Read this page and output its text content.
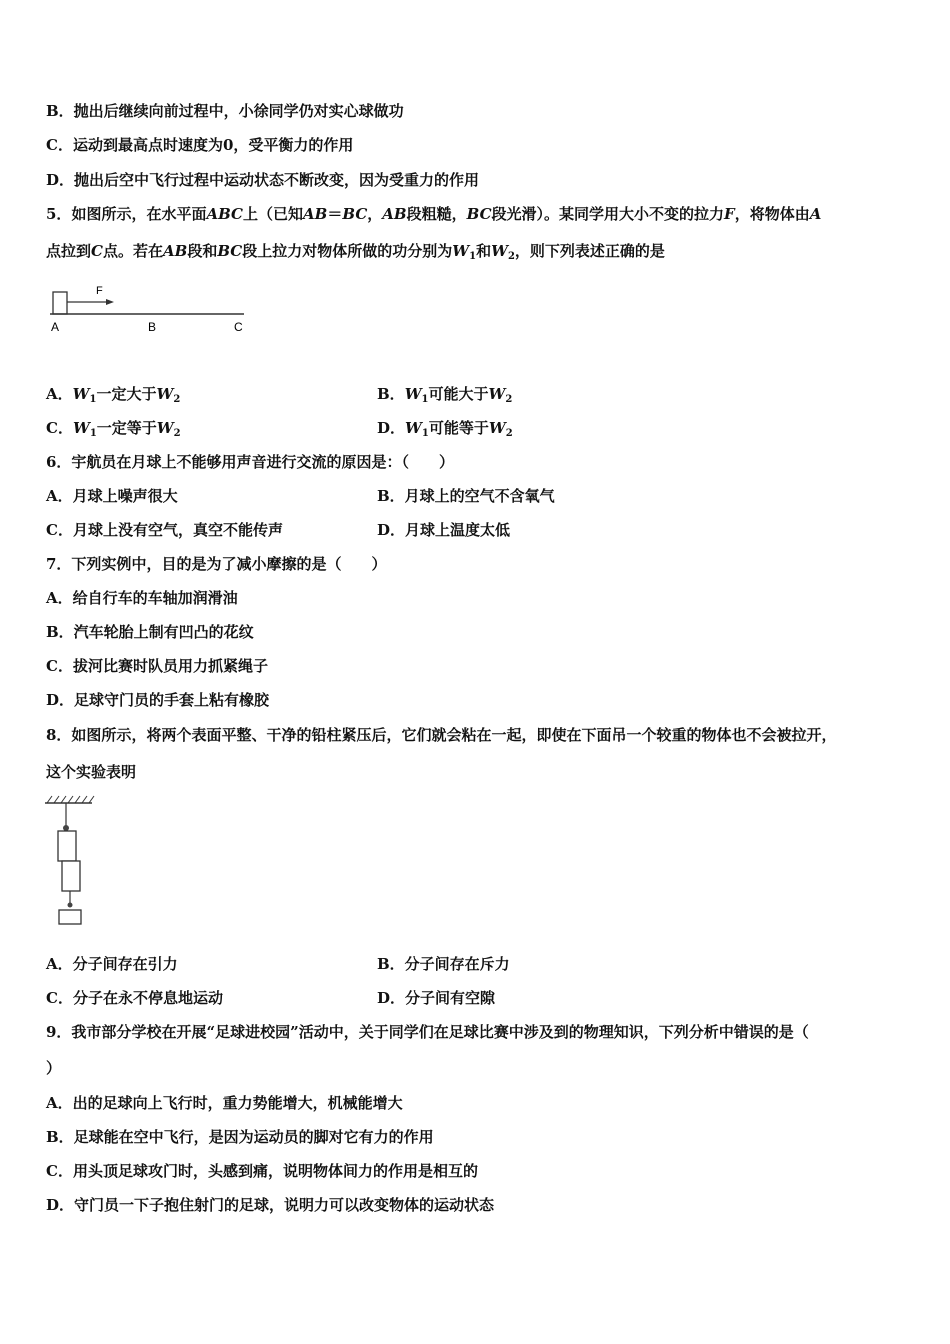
B．抛出后继续向前过程中，小徐同学仍对实心球做功
C．运动到最高点时速度为0，受平衡力的作用
D．抛出后空中飞行过程中运动状态不断改变，因为受重力的作用
5．如图所示，在水平面ABC上（已知AB＝BC，AB段粗糙，BC段光滑）。某同学用大小不变的拉力F，将物体由A
点拉到C点。若在AB段和BC段上拉力对物体所做的功分别为$W_1$和$W_2$，则下列表述正确的是
F
A	B	C
A．$W_1$一定大于$W_2$	B．$W_1$可能大于$W_2$
C．$W_1$一定等于$W_2$	D．$W_1$可能等于$W_2$
6．宇航员在月球上不能够用声音进行交流的原因是：（　　）
A．月球上噪声很大	B．月球上的空气不含氧气
C．月球上没有空气，真空不能传声	D．月球上温度太低
7．下列实例中，目的是为了减小摩擦的是（　　）
A．给自行车的车轴加润滑油
B．汽车轮胎上制有凹凸的花纹
C．拔河比赛时队员用力抓紧绳子
D．足球守门员的手套上粘有橡胶
8．如图所示，将两个表面平整、干净的铅柱紧压后，它们就会粘在一起，即使在下面吊一个较重的物体也不会被拉开，
这个实验表明
A．分子间存在引力	B．分子间存在斥力
C．分子在永不停息地运动	D．分子间有空隙
9．我市部分学校在开展“足球进校园”活动中，关于同学们在足球比赛中涉及到的物理知识，下列分析中错误的是（
）
A．出的足球向上飞行时，重力势能增大，机械能增大
B．足球能在空中飞行，是因为运动员的脚对它有力的作用
C．用头顶足球攻门时，头感到痛，说明物体间力的作用是相互的
D．守门员一下子抱住射门的足球，说明力可以改变物体的运动状态
